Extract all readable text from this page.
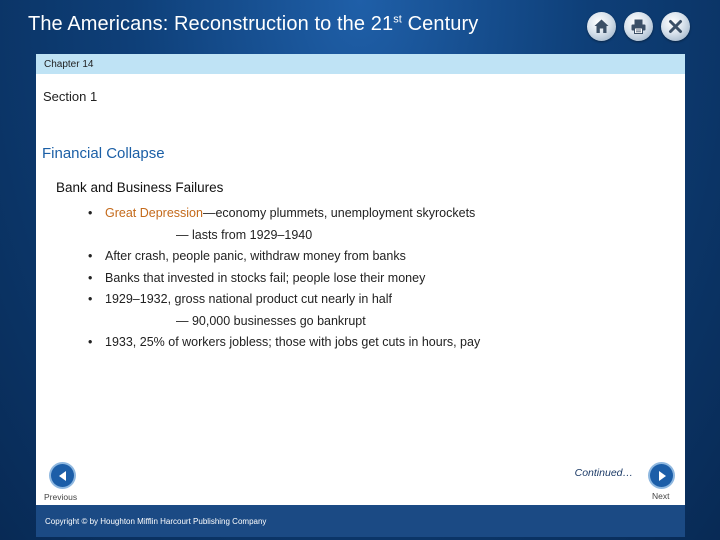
The Americans: Reconstruction to the 21st Century
Chapter 14
Section 1
Financial Collapse
Bank and Business Failures
• Great Depression—economy plummets, unemployment skyrockets
— lasts from 1929–1940
• After crash, people panic, withdraw money from banks
• Banks that invested in stocks fail; people lose their money
• 1929–1932, gross national product cut nearly in half
— 90,000 businesses go bankrupt
• 1933, 25% of workers jobless; those with jobs get cuts in hours, pay
Continued…
Previous	Next
Copyright © by Houghton Mifflin Harcourt Publishing Company
